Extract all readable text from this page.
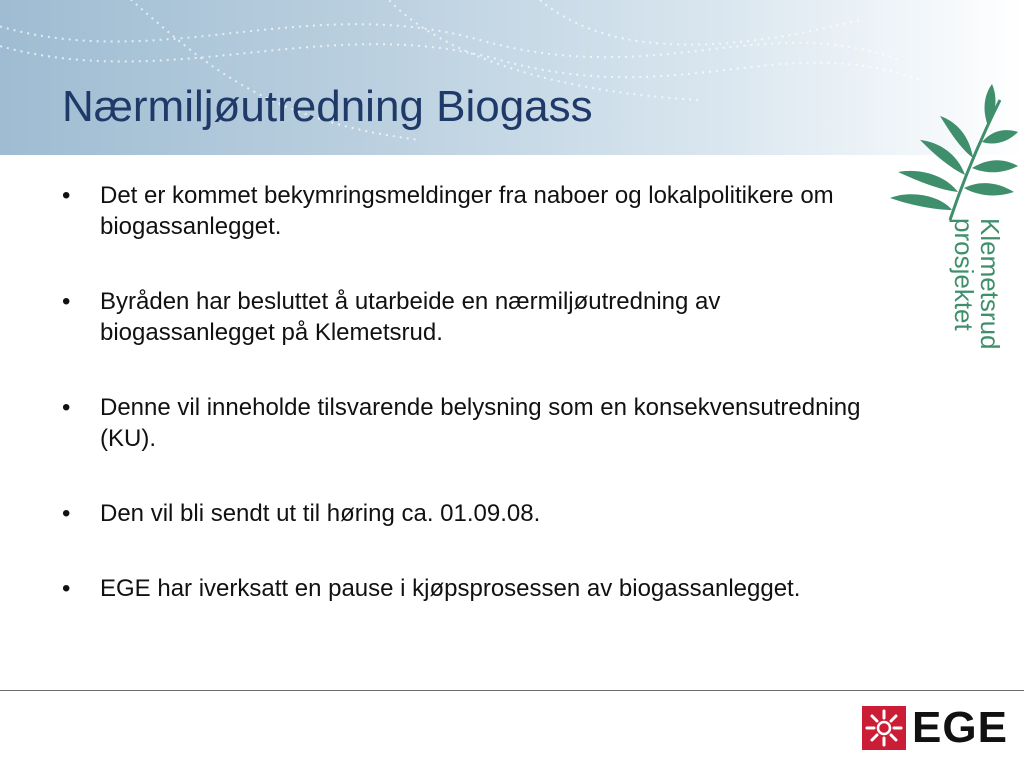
Nærmiljøutredning Biogass
• Det er kommet bekymringsmeldinger fra naboer og lokalpolitikere om biogassanlegget.
• Byråden har besluttet å utarbeide en nærmiljøutredning av biogassanlegget på Klemetsrud.
• Denne vil inneholde tilsvarende belysning som en konsekvensutredning (KU).
• Den vil bli sendt ut til høring ca. 01.09.08.
• EGE har iverksatt en pause i kjøpsprosessen av biogassanlegget.
Klemetsrud
prosjektet
EGE
